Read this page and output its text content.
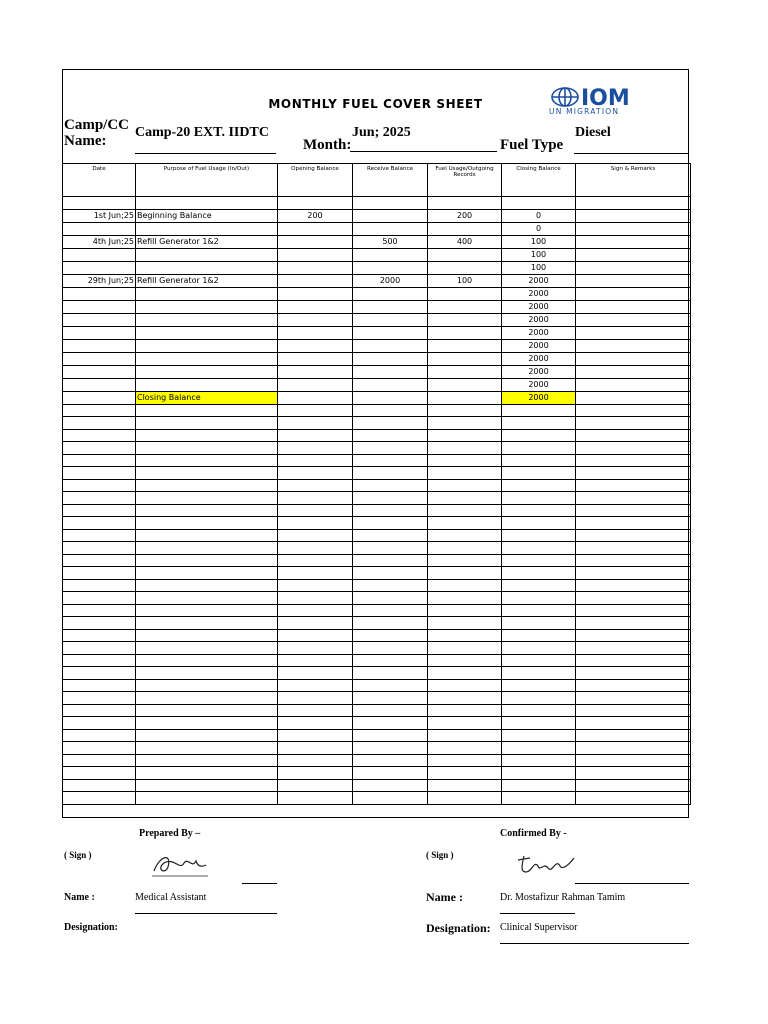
MONTHLY FUEL COVER SHEET	IOM
UN MIGRATION
Camp/CC
Name:
Camp-20 EXT. IIDTC
Month:
Jun; 2025
Fuel Type
Diesel
Date	Purpose of Fuel Usage (In/Out)	Opening Balance	Receive Balance	Fuel Usage/Outgoing Records	Closing Balance	Sign & Remarks

1st Jun;25	Beginning Balance	200		200	0	
					0	
4th Jun;25	Refill Generator 1&2		500	400	100	
					100	
					100	
29th Jun;25	Refill Generator 1&2		2000	100	2000	
					2000	
					2000	
					2000	
					2000	
					2000	
					2000	
					2000	
					2000	
	Closing Balance				2000	

Prepared By –	Confirmed By -
( Sign )	( Sign )
Name :	Medical Assistant	Name :	Dr. Mostafizur Rahman Tamim
Designation:	Designation: Clinical Supervisor
